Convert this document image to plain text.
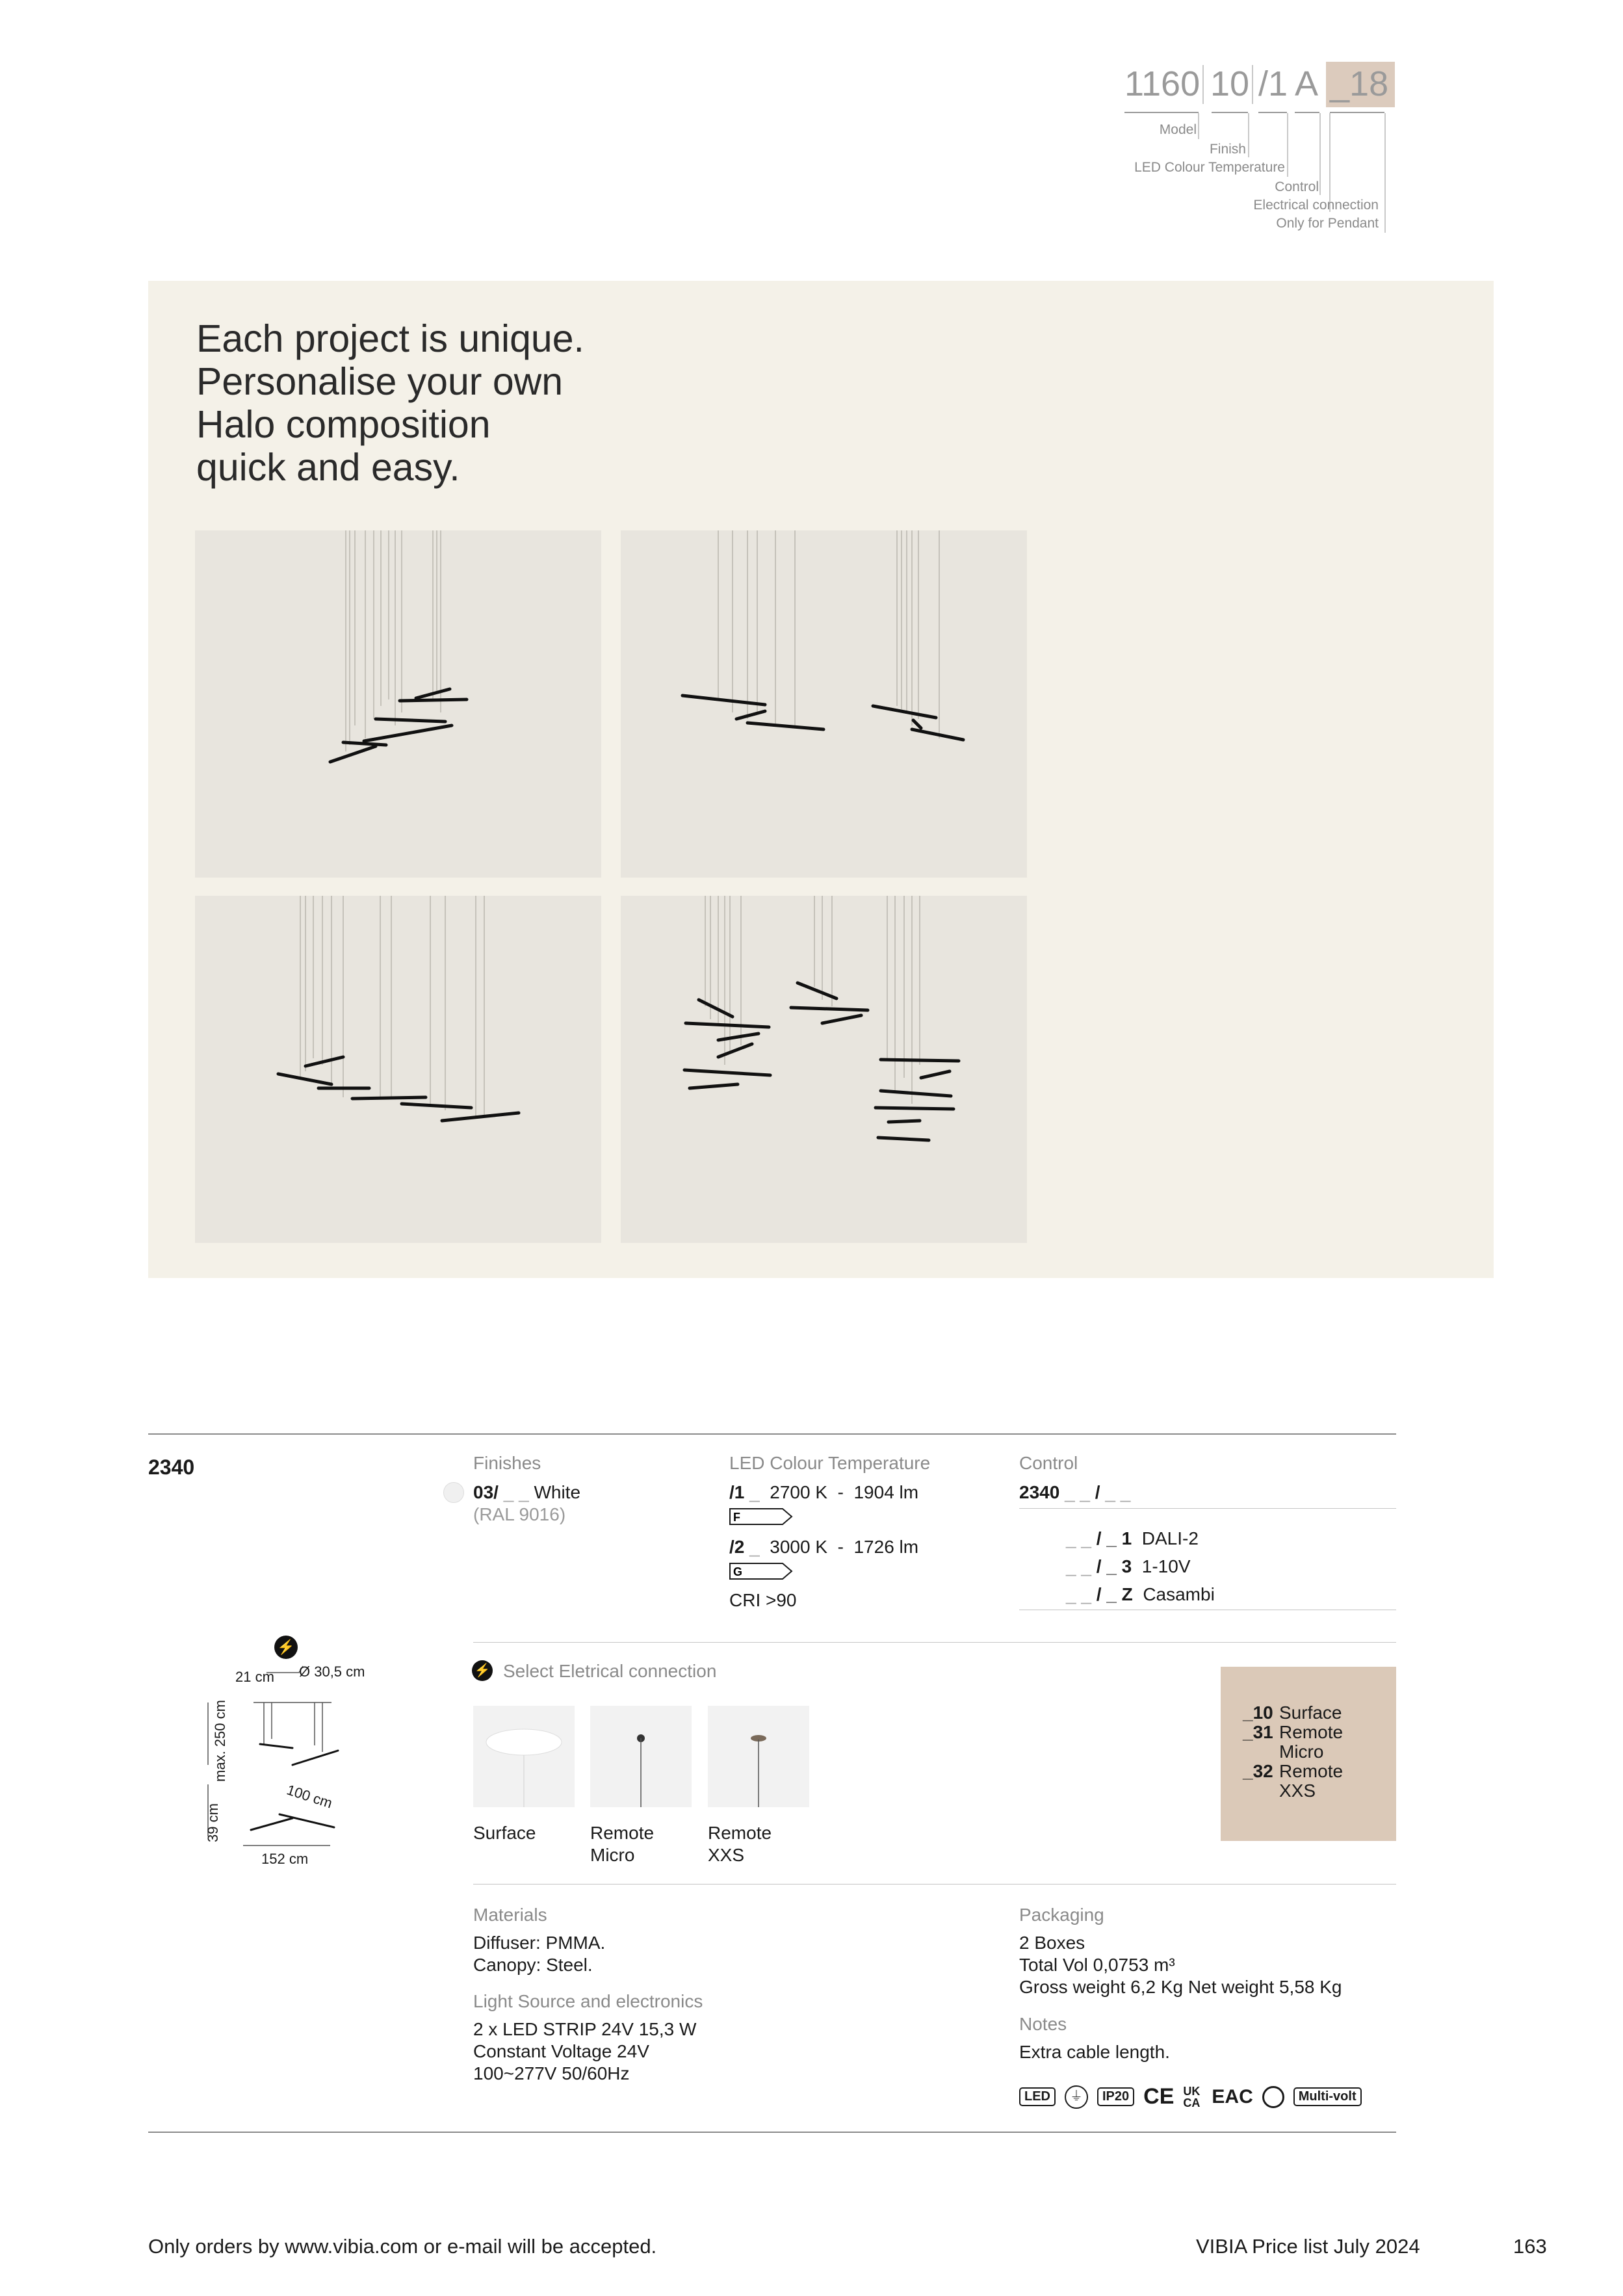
1160 10 /1 A _18
Model
Finish
LED Colour Temperature
Control
Electrical connection
Only for Pendant
Each project is unique.
Personalise your own
Halo composition
quick and easy.
2340	Finishes
03/ _ _ White
(RAL 9016)
LED Colour Temperature
/1 _ 2700 K - 1904 lm
F
/2 _ 3000 K - 1726 lm
G
CRI >90
Control
2340 _ _ / _ _
_ _ / _ 1 DALI-2
_ _ / _ 3 1-10V
_ _ / _ Z Casambi
⚡
21 cm Ø 30,5 cm
max. 250 cm
100 cm
39 cm
152 cm
⚡ Select Eletrical connection
Surface	Remote
Micro
Remote
XXS
_10 Surface
_31 Remote
Micro
_32 Remote
XXS
Materials
Diffuser: PMMA.
Canopy: Steel.
Light Source and electronics
2 x LED STRIP 24V 15,3 W
Constant Voltage 24V
100~277V 50/60Hz
Packaging
2 Boxes
Total Vol 0,0753 m³
Gross weight 6,2 Kg Net weight 5,58 Kg
Notes
Extra cable length.
LED	⏚	IP20 CE UK CA EAC	Multi-volt
Only orders by www.vibia.com or e-mail will be accepted.	VIBIA Price list July 2024	163
